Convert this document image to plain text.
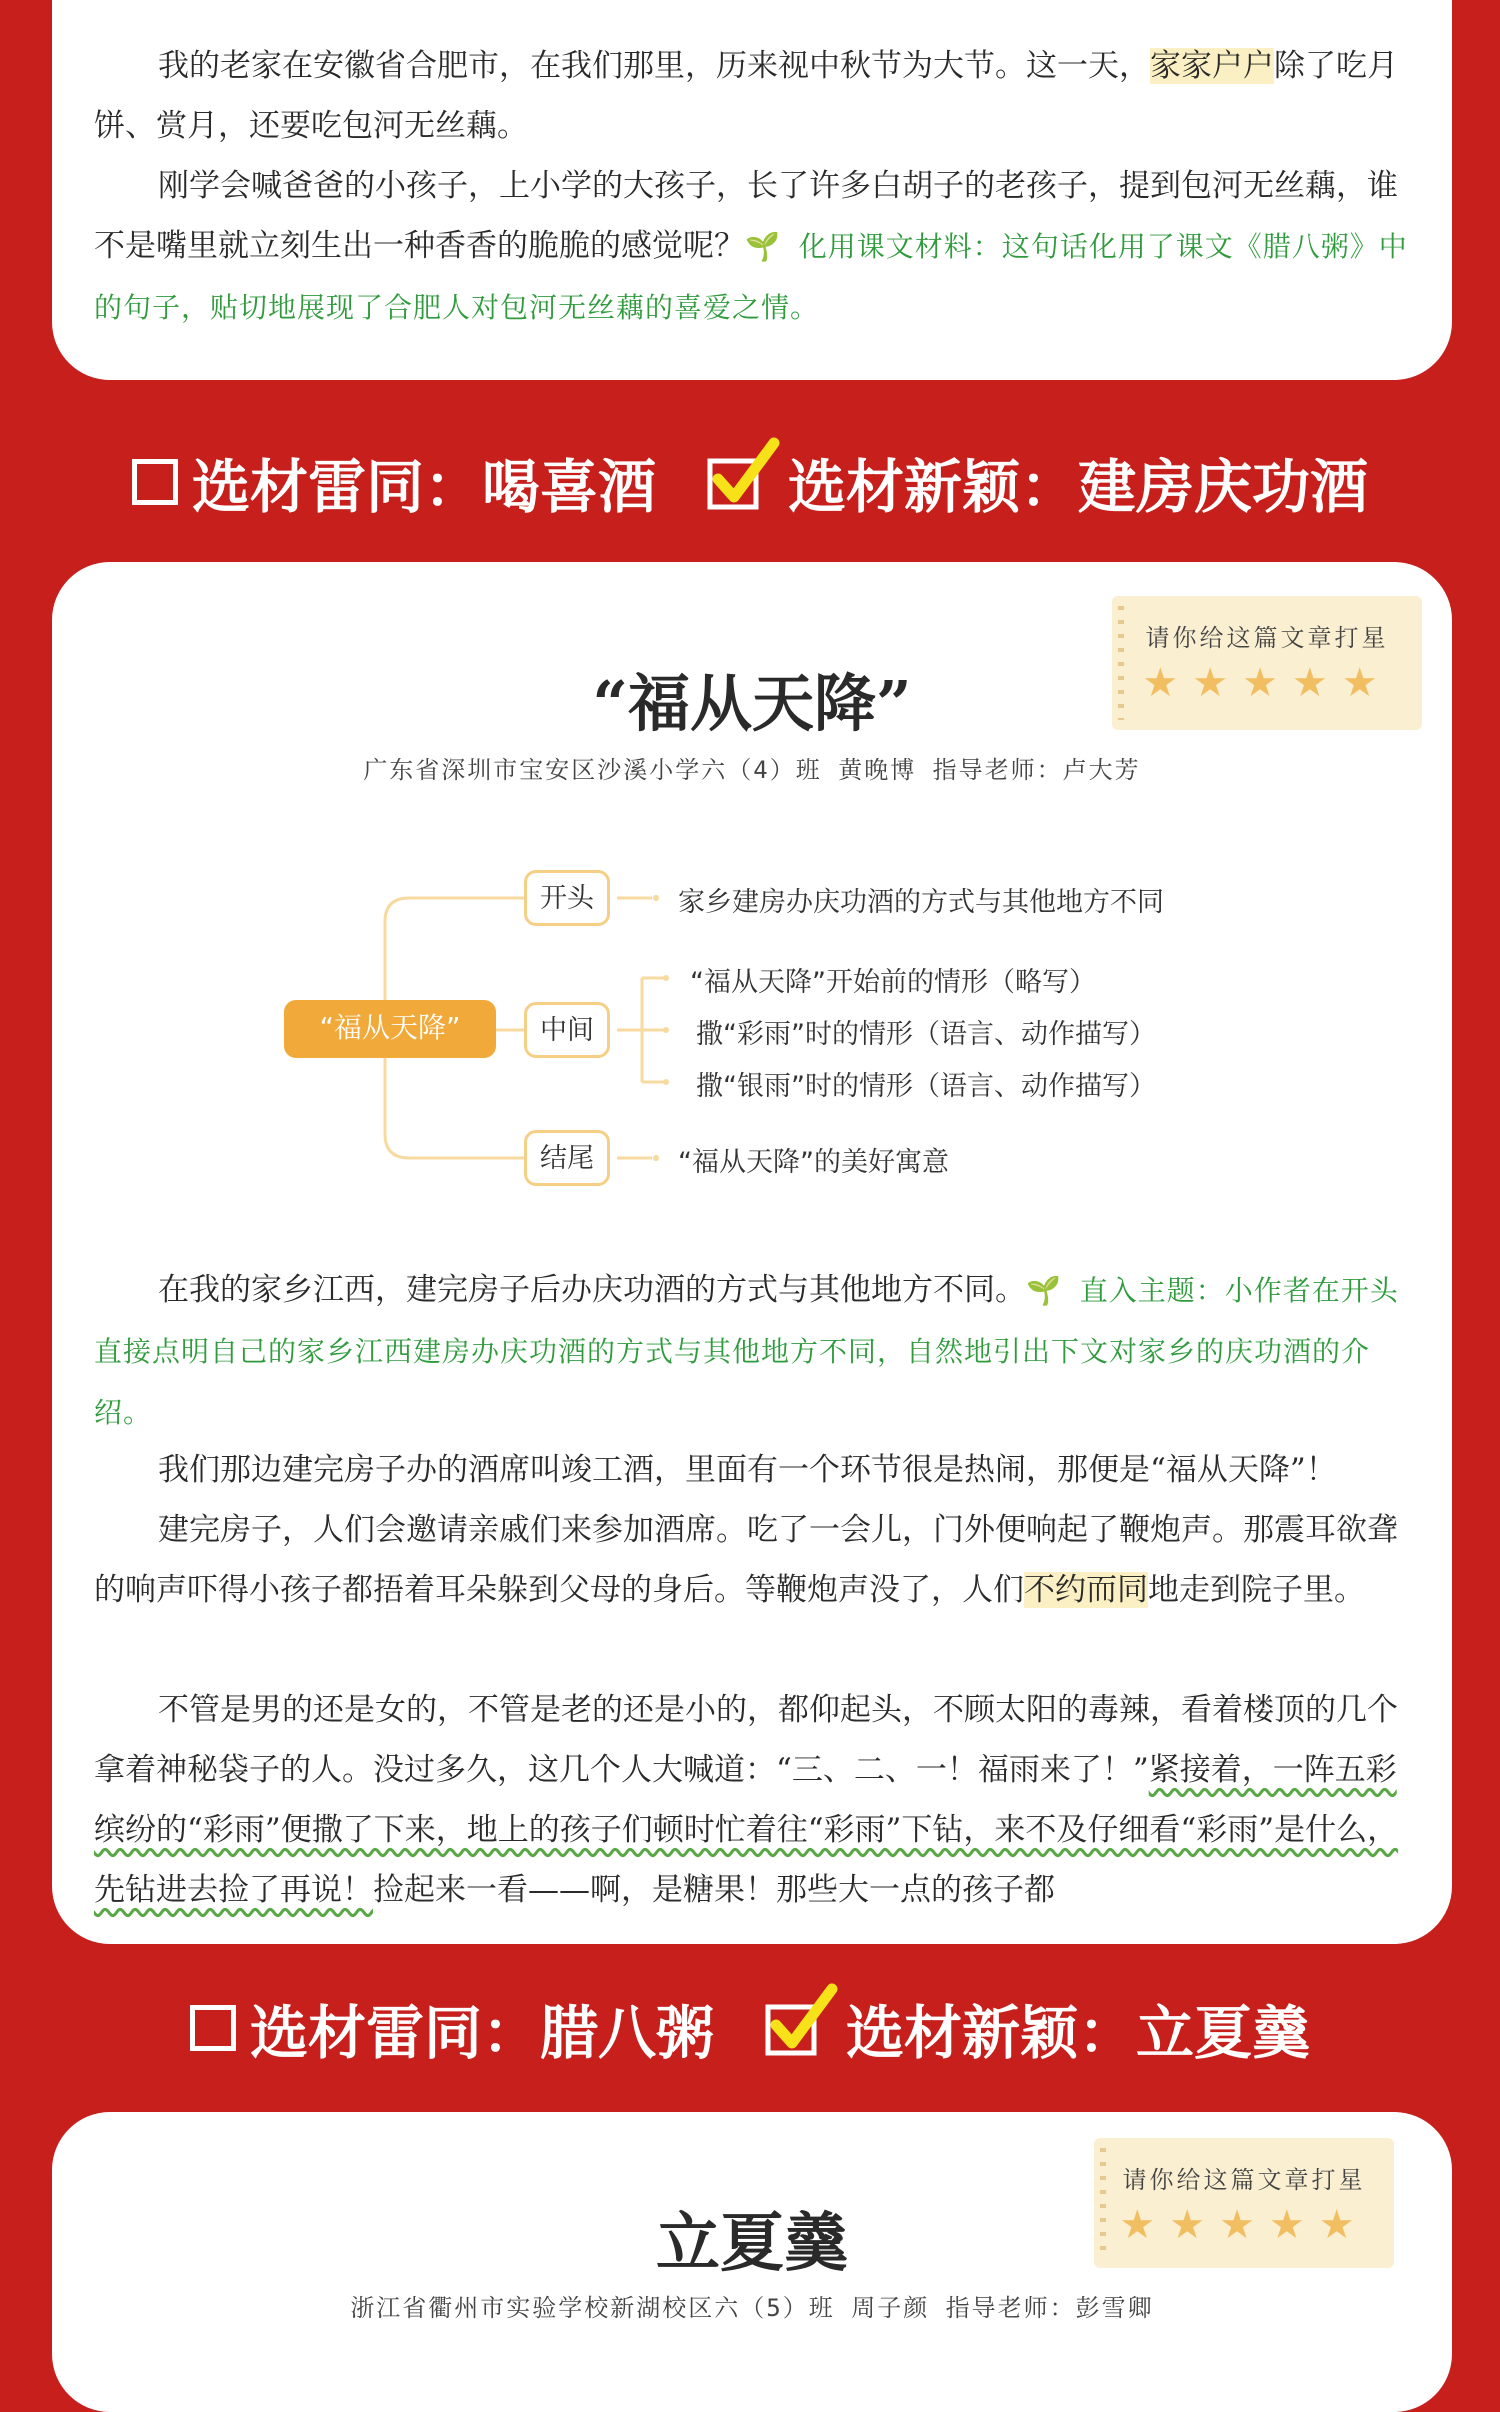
我的老家在安徽省合肥市，在我们那里，历来视中秋节为大节。这一天，家家户户除了吃月饼、赏月，还要吃包河无丝藕。

刚学会喊爸爸的小孩子，上小学的大孩子，长了许多白胡子的老孩子，提到包河无丝藕，谁不是嘴里就立刻生出一种香香的脆脆的感觉呢？🌱 化用课文材料：这句话化用了课文《腊八粥》中的句子，贴切地展现了合肥人对包河无丝藕的喜爱之情。

选材雷同：喝喜酒 选材新颖：建房庆功酒
请你给这篇文章打星
★★★★★
“福从天降”
广东省深圳市宝安区沙溪小学六（4）班 黄晚博 指导老师：卢大芳
“福从天降”
开头
中间
结尾
家乡建房办庆功酒的方式与其他地方不同
“福从天降”开始前的情形（略写）
撒“彩雨”时的情形（语言、动作描写）
撒“银雨”时的情形（语言、动作描写）
“福从天降”的美好寓意

在我的家乡江西，建完房子后办庆功酒的方式与其他地方不同。🌱 直入主题：小作者在开头直接点明自己的家乡江西建房办庆功酒的方式与其他地方不同，自然地引出下文对家乡的庆功酒的介绍。

我们那边建完房子办的酒席叫竣工酒，里面有一个环节很是热闹，那便是“福从天降”！

建完房子，人们会邀请亲戚们来参加酒席。吃了一会儿，门外便响起了鞭炮声。那震耳欲聋的响声吓得小孩子都捂着耳朵躲到父母的身后。等鞭炮声没了，人们不约而同地走到院子里。

不管是男的还是女的，不管是老的还是小的，都仰起头，不顾太阳的毒辣，看着楼顶的几个拿着神秘袋子的人。没过多久，这几个人大喊道：“三、二、一！福雨来了！”紧接着，一阵五彩缤纷的“彩雨”便撒了下来，地上的孩子们顿时忙着往“彩雨”下钻，来不及仔细看“彩雨”是什么，先钻进去捡了再说！捡起来一看——啊，是糖果！那些大一点的孩子都

选材雷同：腊八粥 选材新颖：立夏羹
请你给这篇文章打星
★★★★★
立夏羹
浙江省衢州市实验学校新湖校区六（5）班 周子颜 指导老师：彭雪卿
